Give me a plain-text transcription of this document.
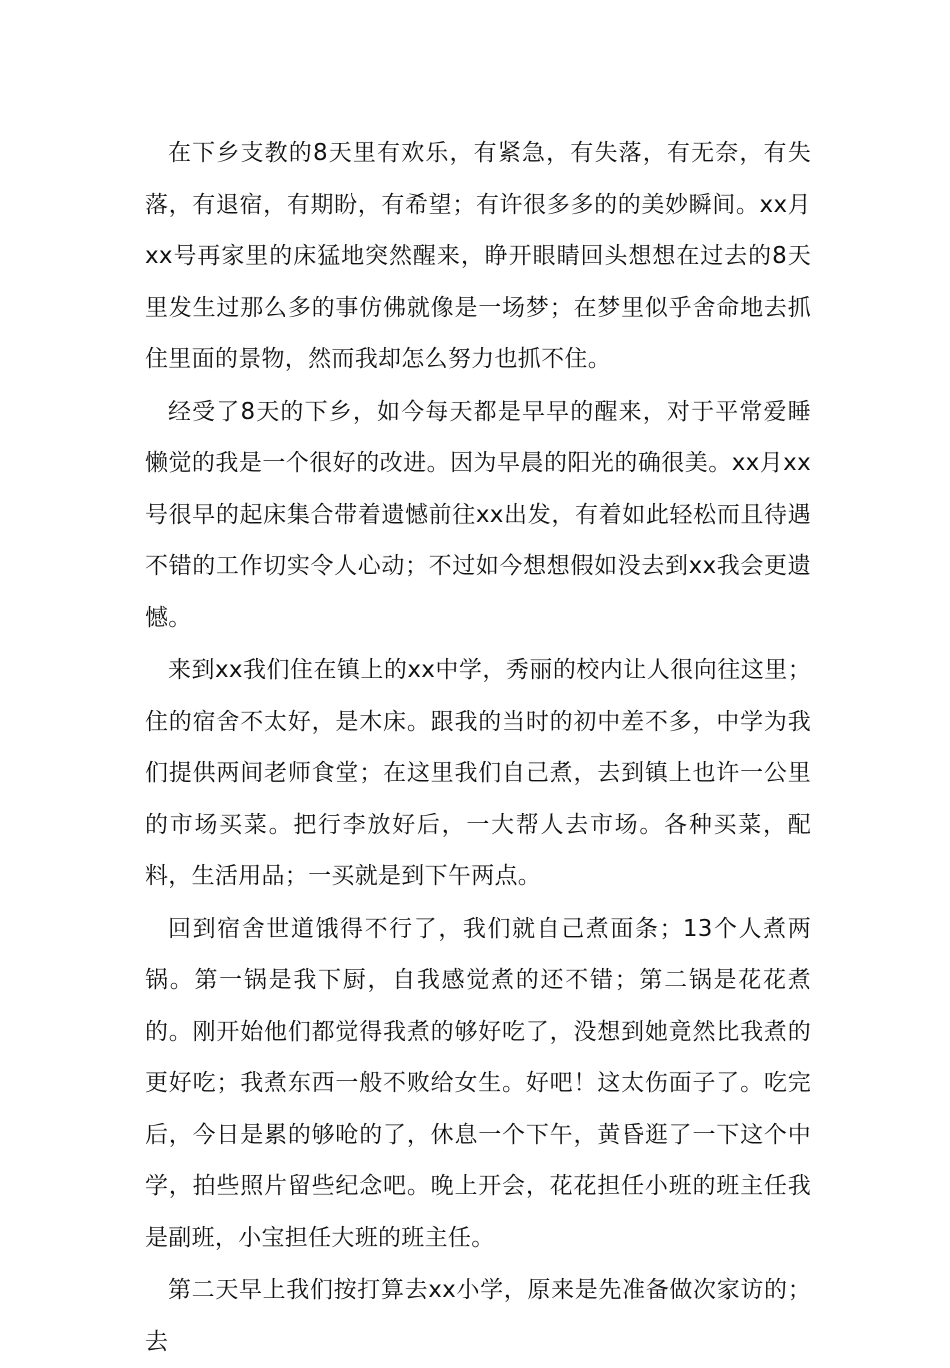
在下乡支教的8天里有欢乐，有紧急，有失落，有无奈，有失落，有退宿，有期盼，有希望；有许很多多的的美妙瞬间。xx月xx号再家里的床猛地突然醒来，睁开眼睛回头想想在过去的8天里发生过那么多的事仿佛就像是一场梦；在梦里似乎舍命地去抓住里面的景物，然而我却怎么努力也抓不住。

经受了8天的下乡，如今每天都是早早的醒来，对于平常爱睡懒觉的我是一个很好的改进。因为早晨的阳光的确很美。xx月xx号很早的起床集合带着遗憾前往xx出发，有着如此轻松而且待遇不错的工作切实令人心动；不过如今想想假如没去到xx我会更遗憾。

来到xx我们住在镇上的xx中学，秀丽的校内让人很向往这里；住的宿舍不太好，是木床。跟我的当时的初中差不多，中学为我们提供两间老师食堂；在这里我们自己煮，去到镇上也许一公里的市场买菜。把行李放好后，一大帮人去市场。各种买菜，配料，生活用品；一买就是到下午两点。

回到宿舍世道饿得不行了，我们就自己煮面条；13个人煮两锅。第一锅是我下厨，自我感觉煮的还不错；第二锅是花花煮的。刚开始他们都觉得我煮的够好吃了，没想到她竟然比我煮的更好吃；我煮东西一般不败给女生。好吧！这太伤面子了。吃完后，今日是累的够呛的了，休息一个下午，黄昏逛了一下这个中学，拍些照片留些纪念吧。晚上开会，花花担任小班的班主任我是副班，小宝担任大班的班主任。

第二天早上我们按打算去xx小学，原来是先准备做次家访的；去
